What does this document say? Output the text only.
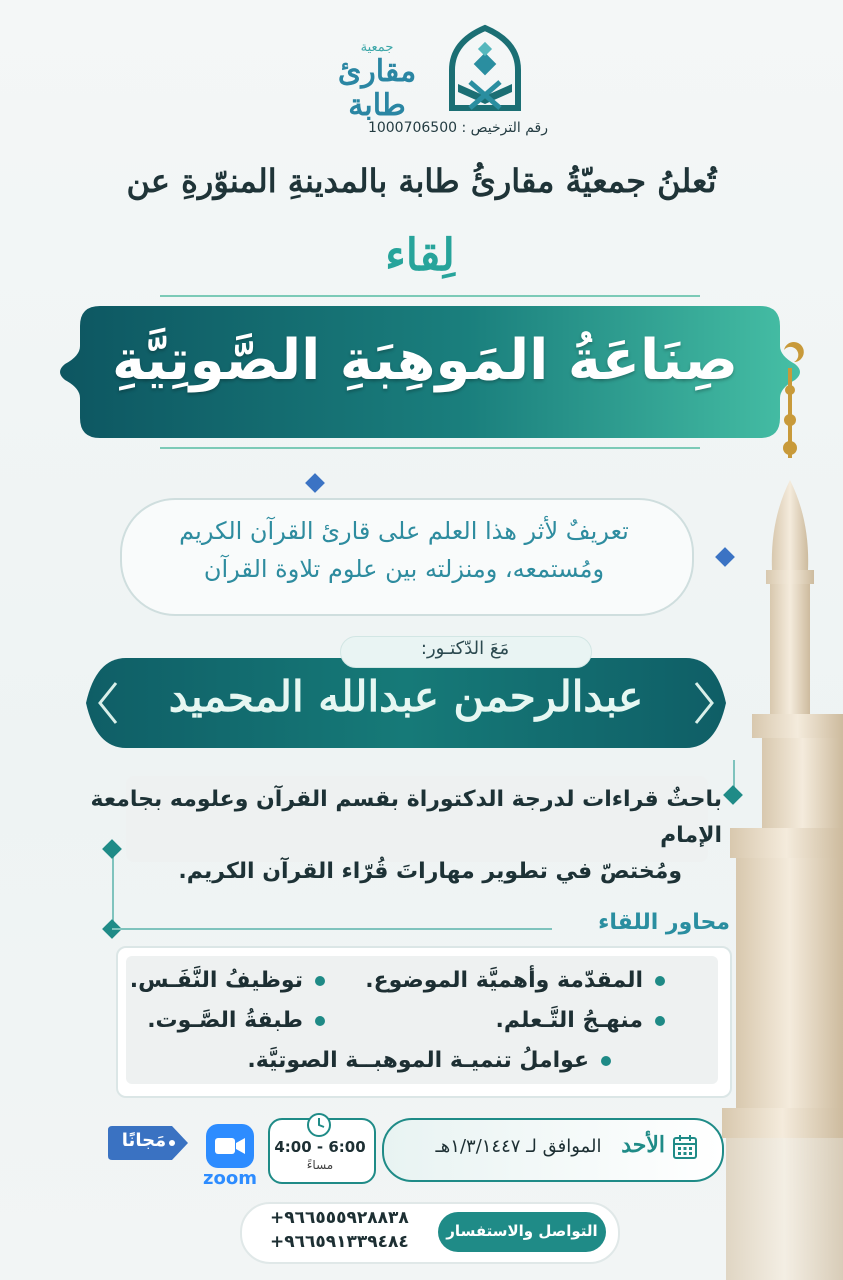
جمعية
مقارئ طابة
رقم الترخيص : 1000706500
تُعلنُ جمعيّةُ مقارئُ طابة بالمدينةِ المنوّرةِ عن
لِقاء
صِنَاعَةُ المَوهِبَةِ الصَّوتِيَّةِ
تعريفٌ لأثر هذا العلم على قارئ القرآن الكريم
ومُستمعه، ومنزلته بين علوم تلاوة القرآن
مَعَ الدّكتـور:
عبدالرحمن عبدالله المحميد
باحثٌ قراءات لدرجة الدكتوراة بقسم القرآن وعلومه بجامعة الإمام
ومُختصّ في تطوير مهاراتَ قُرّاء القرآن الكريم.
محاور اللقاء
المقدّمة وأهميَّة الموضوع.
توظيفُ النَّفَـس.
منهـجُ التَّـعلم.
طبقةُ الصَّـوت.
عواملُ تنميـة الموهبــة الصوتيَّة.
الأحد الموافق لـ ١/٣/١٤٤٧هـ
4:00 - 6:00
مساءً
zoom
مَجانًا
التواصل والاستفسار
+٩٦٦٥٥٥٩٢٨٨٣٨
+٩٦٦٥٩١٣٣٩٤٨٤
